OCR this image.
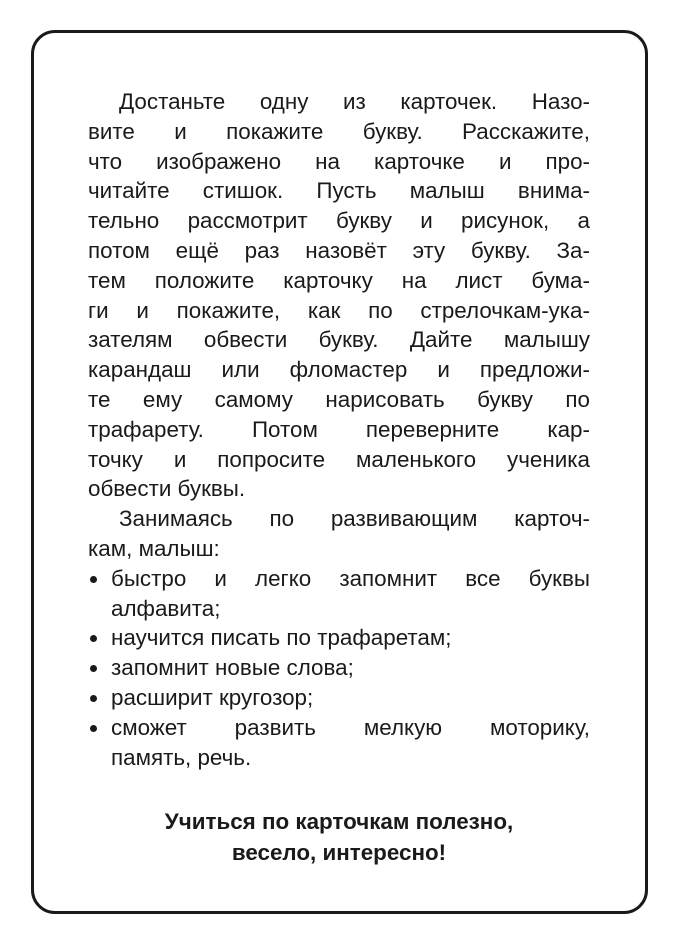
Достаньте одну из карточек. Назо-
вите и покажите букву. Расскажите,
что изображено на карточке и про-
читайте стишок. Пусть малыш внима-
тельно рассмотрит букву и рисунок, а
потом ещё раз назовёт эту букву. За-
тем положите карточку на лист бума-
ги и покажите, как по стрелочкам-ука-
зателям обвести букву. Дайте малышу
карандаш или фломастер и предложи-
те ему самому нарисовать букву по
трафарету. Потом переверните кар-
точку и попросите маленького ученика
обвести буквы.
Занимаясь по развивающим карточ-
кам, малыш:
быстро и легко запомнит все буквы
алфавита;
научится писать по трафаретам;
запомнит новые слова;
расширит кругозор;
сможет развить мелкую моторику,
память, речь.
Учиться по карточкам полезно,
весело, интересно!
